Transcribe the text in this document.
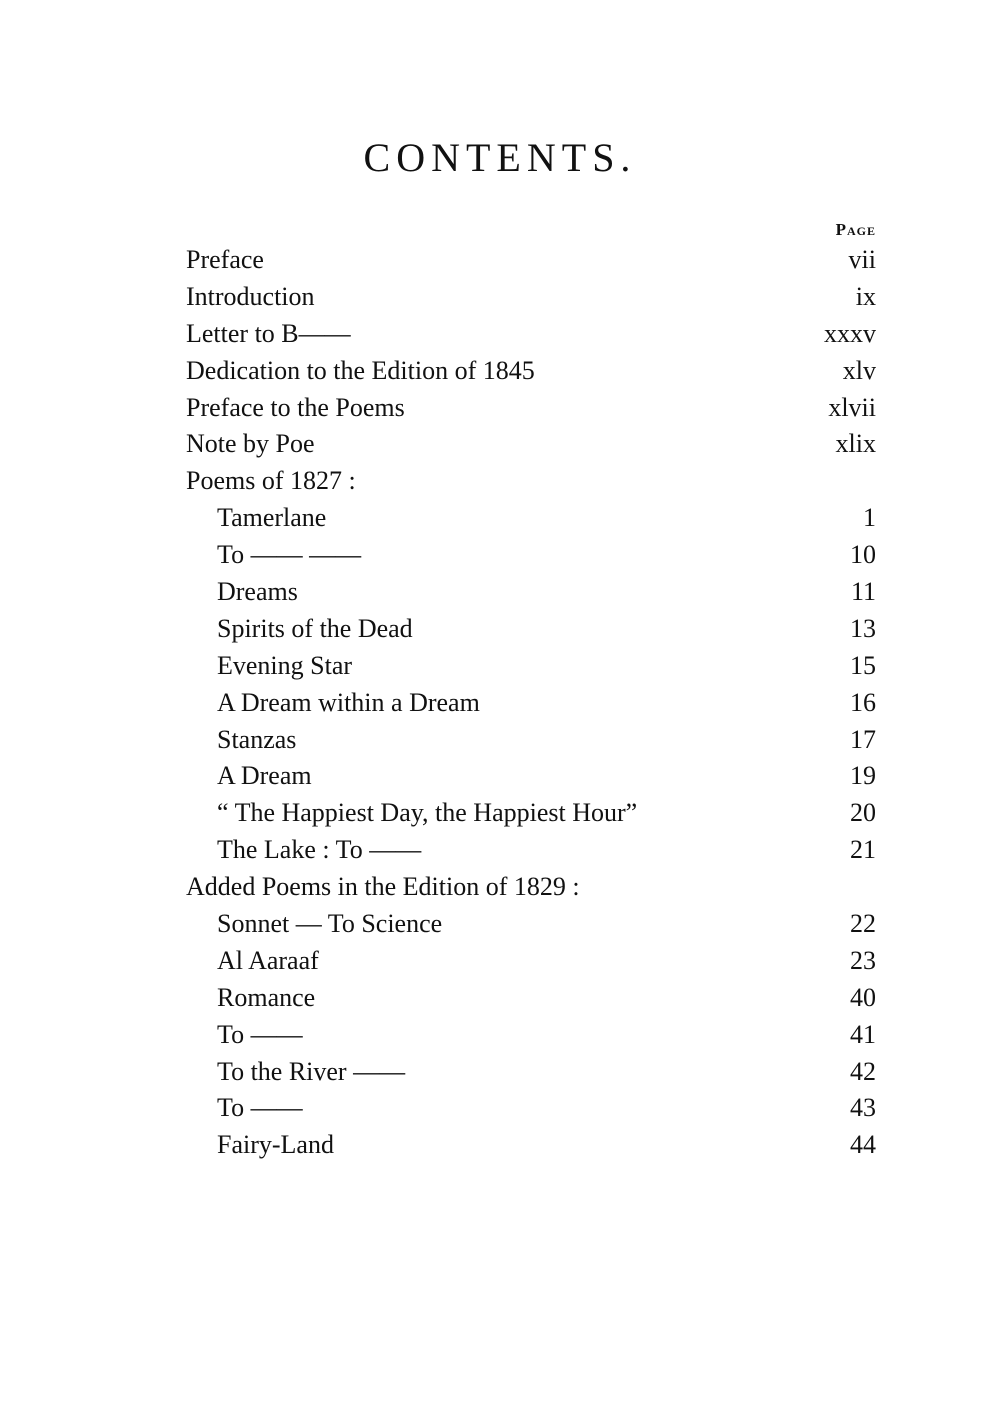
CONTENTS.
Page
Preface	vii
Introduction	ix
Letter to B——	xxxv
Dedication to the Edition of 1845	xlv
Preface to the Poems	xlvii
Note by Poe	xlix
Poems of 1827 :
Tamerlane	1
To —— ——	10
Dreams	11
Spirits of the Dead	13
Evening Star	15
A Dream within a Dream	16
Stanzas	17
A Dream	19
“ The Happiest Day, the Happiest Hour”	20
The Lake : To ——	21
Added Poems in the Edition of 1829 :
Sonnet — To Science	22
Al Aaraaf	23
Romance	40
To ——	41
To the River ——	42
To ——	43
Fairy-Land	44
